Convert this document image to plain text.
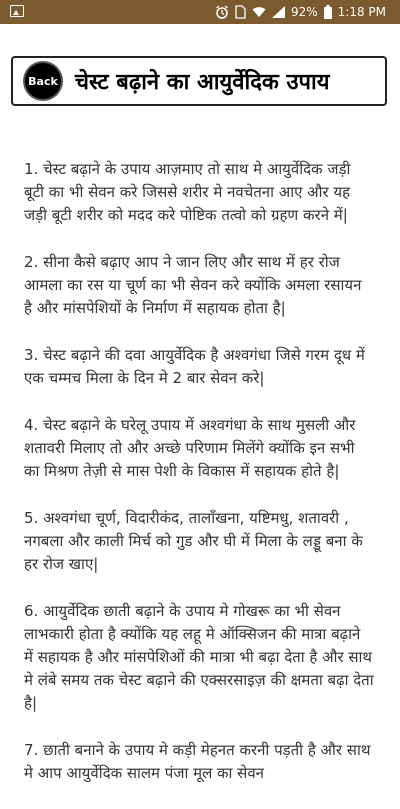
92% 1:18 PM
Back चेस्ट बढ़ाने का आयुर्वेदिक उपाय

1. चेस्ट बढ़ाने के उपाय आज़माए तो साथ मे आयुर्वेदिक जड़ी बूटी का भी सेवन करे जिससे शरीर मे नवचेतना आए और यह जड़ी बूटी शरीर को मदद करे पोष्टिक तत्वो को ग्रहण करने में|

2. सीना कैसे बढ़ाए आप ने जान लिए और साथ में हर रोज आमला का रस या चूर्ण का भी सेवन करे क्योंकि अमला रसायन है और मांसपेशियों के निर्माण में सहायक होता है|

3. चेस्ट बढ़ाने की दवा आयुर्वेदिक है अश्वगंधा जिसे गरम दूध में एक चम्मच मिला के दिन मे 2 बार सेवन करे|

4. चेस्ट बढ़ाने के घरेलू उपाय में अश्वगंधा के साथ मुसली और शतावरी मिलाए तो और अच्छे परिणाम मिलेंगे क्योंकि इन सभी का मिश्रण तेज़ी से मास पेशी के विकास में सहायक होते है|

5. अश्वगंधा चूर्ण, विदारीकंद, तालाँखना, यष्टिमधु, शतावरी , नगबला और काली मिर्च को गुड और घी में मिला के लड्डू बना के हर रोज खाए|

6. आयुर्वेदिक छाती बढ़ाने के उपाय मे गोखरू का भी सेवन लाभकारी होता है क्योंकि यह लहू मे ऑक्सिजन की मात्रा बढ़ाने में सहायक है और मांसपेशिओं की मात्रा भी बढ़ा देता है और साथ मे लंबे समय तक चेस्ट बढ़ाने की एक्सरसाइज़ की क्षमता बढ़ा देता है|

7. छाती बनाने के उपाय मे कड़ी मेहनत करनी पड़ती है और साथ मे आप आयुर्वेदिक सालम पंजा मूल का सेवन
